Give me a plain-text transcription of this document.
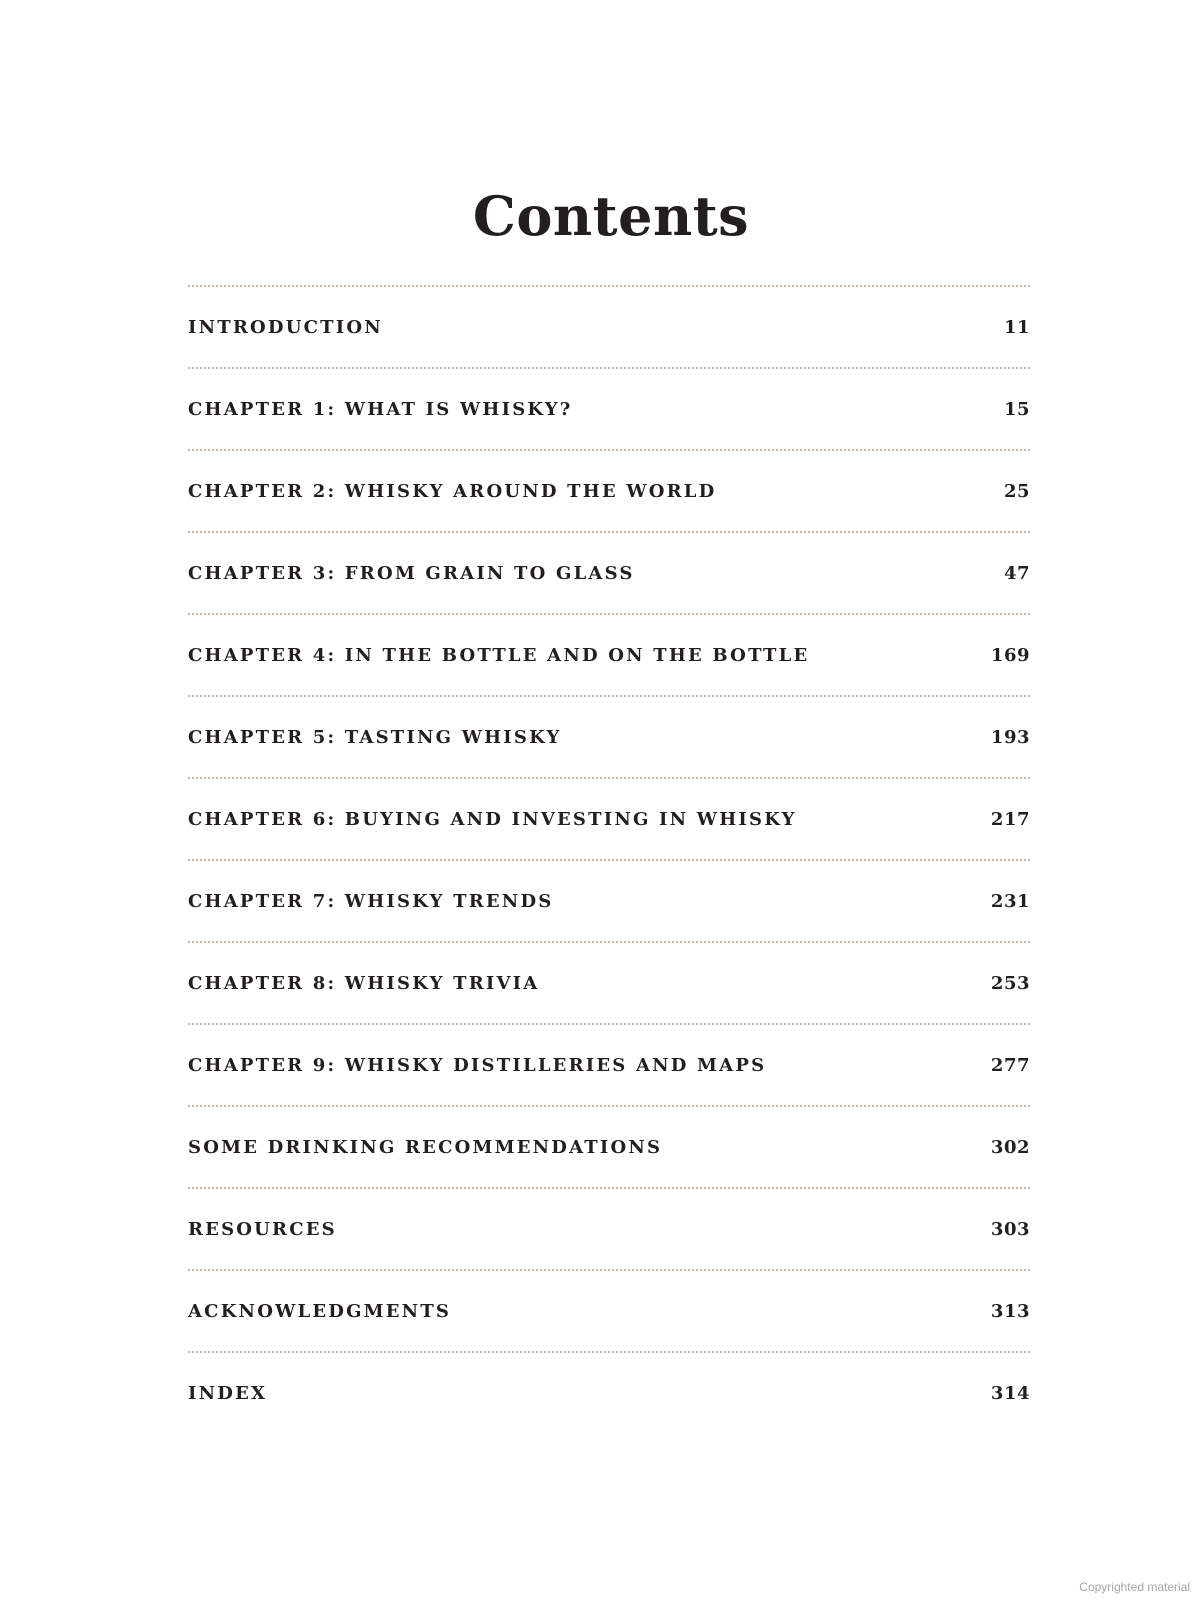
Contents
INTRODUCTION	11
CHAPTER 1: WHAT IS WHISKY?	15
CHAPTER 2: WHISKY AROUND THE WORLD	25
CHAPTER 3: FROM GRAIN TO GLASS	47
CHAPTER 4: IN THE BOTTLE AND ON THE BOTTLE	169
CHAPTER 5: TASTING WHISKY	193
CHAPTER 6: BUYING AND INVESTING IN WHISKY	217
CHAPTER 7: WHISKY TRENDS	231
CHAPTER 8: WHISKY TRIVIA	253
CHAPTER 9: WHISKY DISTILLERIES AND MAPS	277
SOME DRINKING RECOMMENDATIONS	302
RESOURCES	303
ACKNOWLEDGMENTS	313
INDEX	314
Copyrighted material
